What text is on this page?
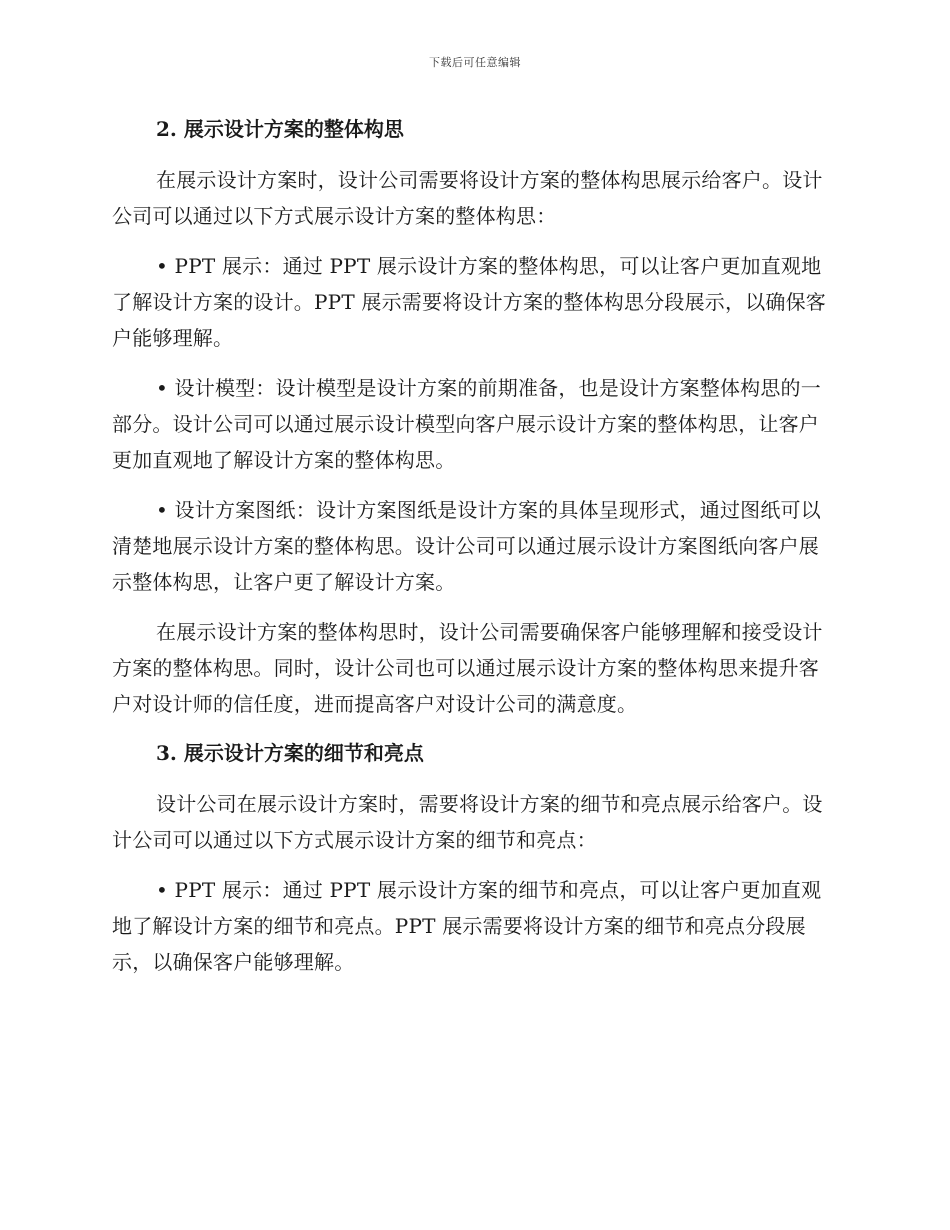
下载后可任意编辑

2. 展示设计方案的整体构思

在展示设计方案时，设计公司需要将设计方案的整体构思展示给客户。设计公司可以通过以下方式展示设计方案的整体构思：

• PPT 展示：通过 PPT 展示设计方案的整体构思，可以让客户更加直观地了解设计方案的设计。PPT 展示需要将设计方案的整体构思分段展示，以确保客户能够理解。

• 设计模型：设计模型是设计方案的前期准备，也是设计方案整体构思的一部分。设计公司可以通过展示设计模型向客户展示设计方案的整体构思，让客户更加直观地了解设计方案的整体构思。

• 设计方案图纸：设计方案图纸是设计方案的具体呈现形式，通过图纸可以清楚地展示设计方案的整体构思。设计公司可以通过展示设计方案图纸向客户展示整体构思，让客户更了解设计方案。

在展示设计方案的整体构思时，设计公司需要确保客户能够理解和接受设计方案的整体构思。同时，设计公司也可以通过展示设计方案的整体构思来提升客户对设计师的信任度，进而提高客户对设计公司的满意度。

3. 展示设计方案的细节和亮点

设计公司在展示设计方案时，需要将设计方案的细节和亮点展示给客户。设计公司可以通过以下方式展示设计方案的细节和亮点：

• PPT 展示：通过 PPT 展示设计方案的细节和亮点，可以让客户更加直观地了解设计方案的细节和亮点。PPT 展示需要将设计方案的细节和亮点分段展示，以确保客户能够理解。
